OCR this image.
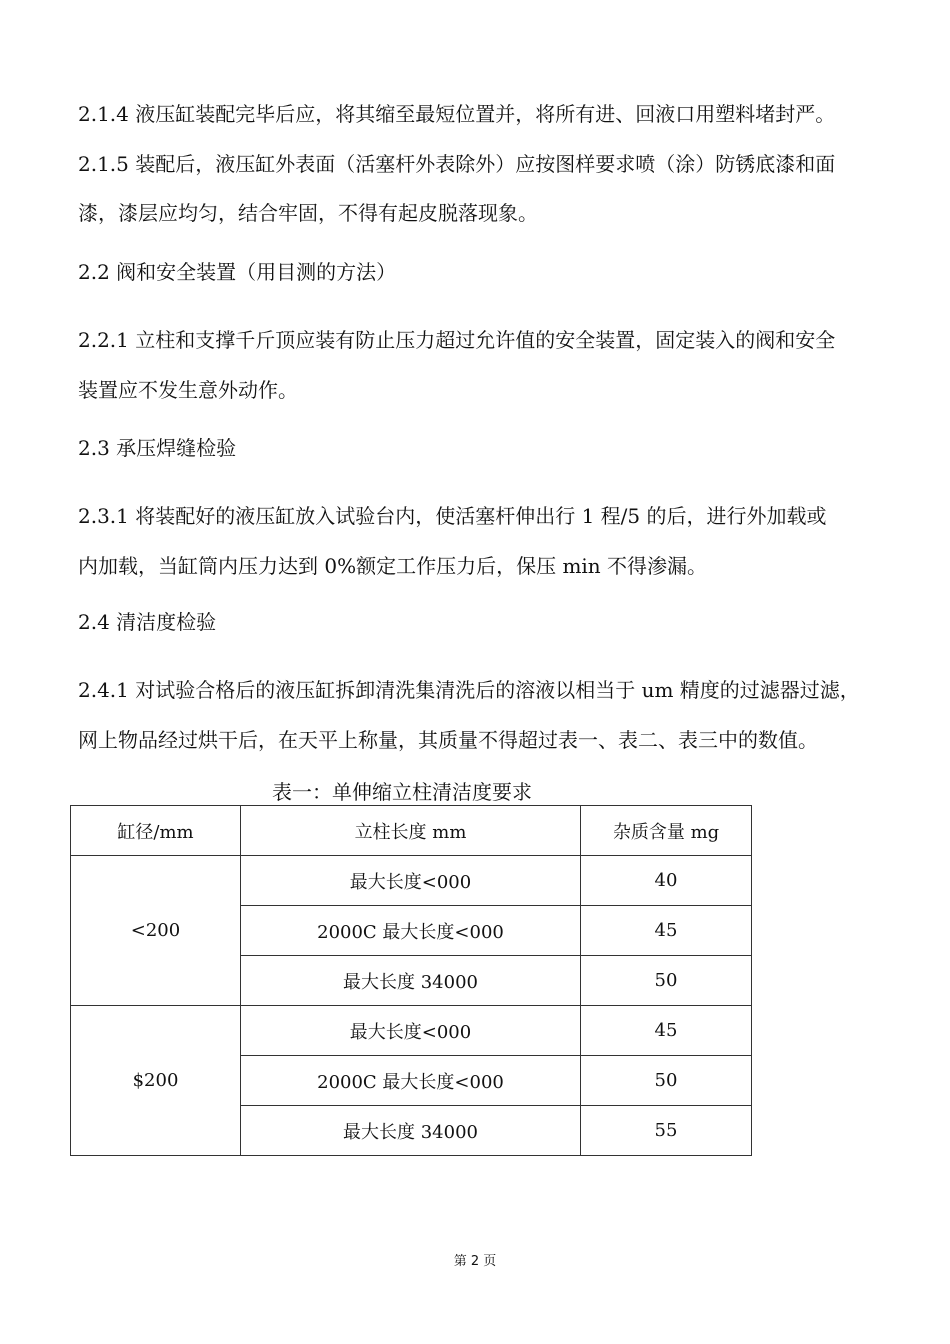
2.1.4 液压缸装配完毕后应，将其缩至最短位置并，将所有进、回液口用塑料堵封严。

2.1.5 装配后，液压缸外表面（活塞杆外表除外）应按图样要求喷（涂）防锈底漆和面

漆，漆层应均匀，结合牢固，不得有起皮脱落现象。

2.2 阀和安全装置（用目测的方法）

2.2.1 立柱和支撑千斤顶应装有防止压力超过允许值的安全装置，固定装入的阀和安全

装置应不发生意外动作。

2.3 承压焊缝检验

2.3.1 将装配好的液压缸放入试验台内，使活塞杆伸出行 1 程/5 的后，进行外加载或

内加载，当缸筒内压力达到 0%额定工作压力后，保压 min 不得渗漏。

2.4 清洁度检验

2.4.1 对试验合格后的液压缸拆卸清洗集清洗后的溶液以相当于 um 精度的过滤器过滤，

网上物品经过烘干后，在天平上称量，其质量不得超过表一、表二、表三中的数值。

表一：单伸缩立柱清洁度要求
缸径/mm	立柱长度 mm	杂质含量 mg
<200	最大长度<000	40
	2000C 最大长度<000	45
	最大长度 34000	50
$200	最大长度<000	45
	2000C 最大长度<000	50
	最大长度 34000	55
第 2 页
